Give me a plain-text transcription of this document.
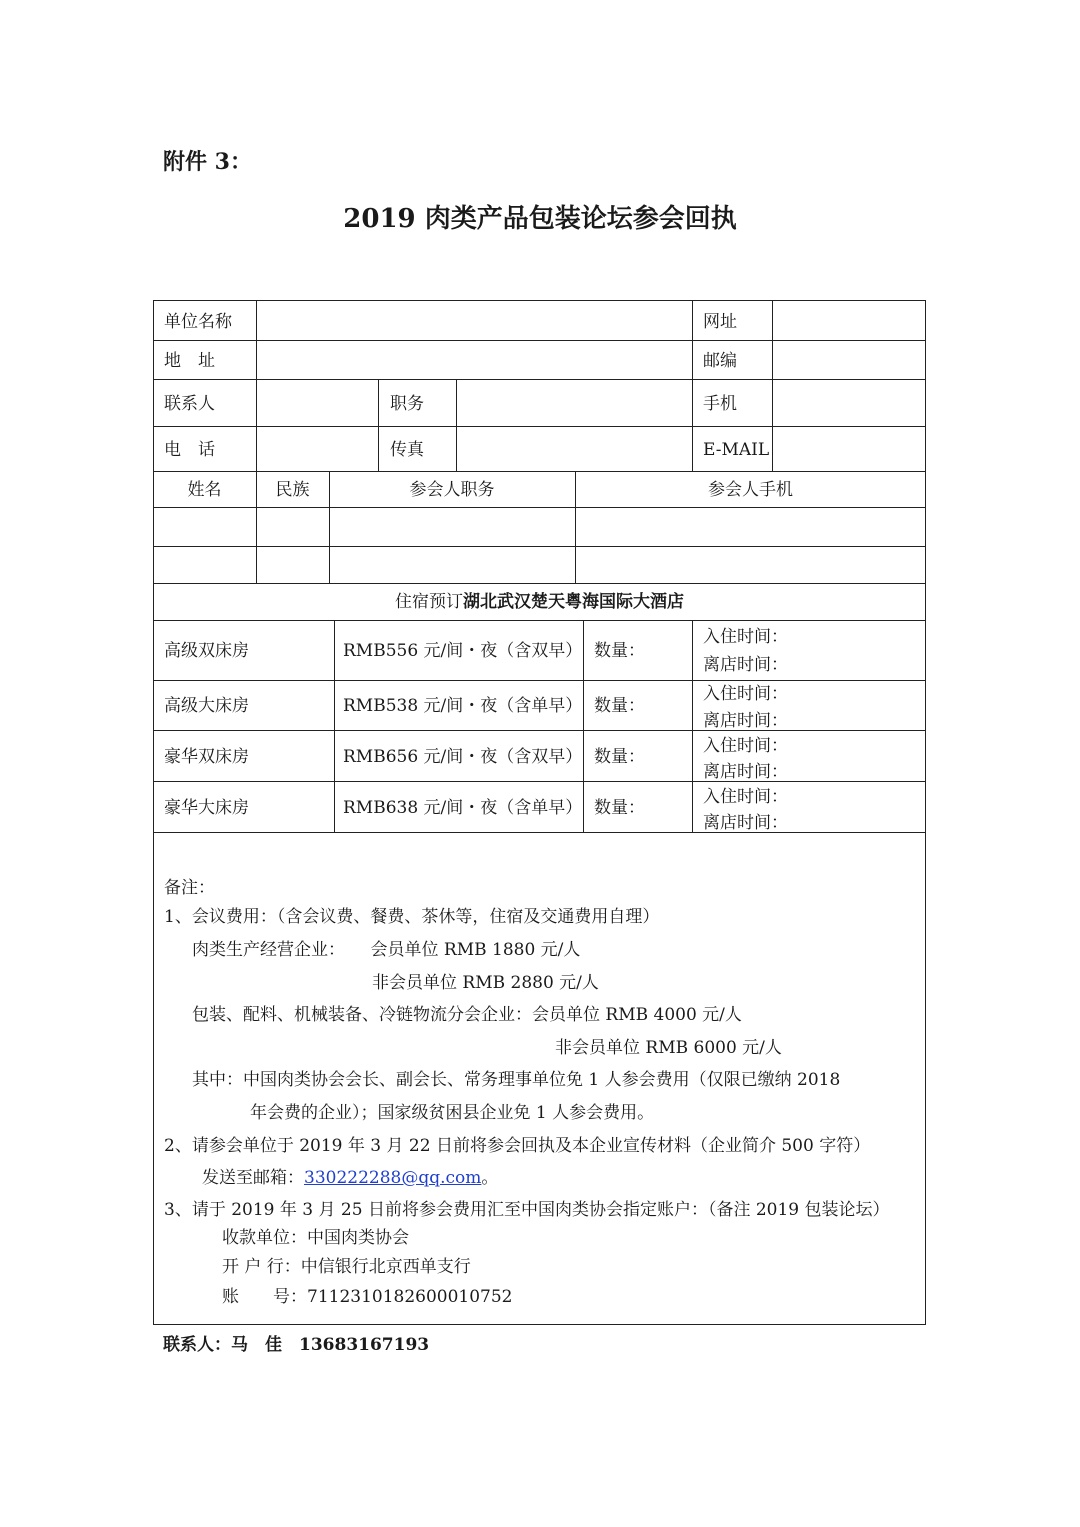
附件 3：
2019 肉类产品包装论坛参会回执
单位名称	网址
地　址	邮编
联系人	职务	手机
电　话	传真	E-MAIL
姓名	民族	参会人职务	参会人手机
住宿预订湖北武汉楚天粤海国际大酒店
高级双床房	RMB556 元/间・夜（含双早） 数量：
入住时间：
离店时间：
高级大床房	RMB538 元/间・夜（含单早） 数量：
入住时间：
离店时间：
豪华双床房	RMB656 元/间・夜（含双早） 数量：
入住时间：
离店时间：
豪华大床房	RMB638 元/间・夜（含单早） 数量：
入住时间：
离店时间：
备注：
1、会议费用：（含会议费、餐费、茶休等，住宿及交通费用自理）
肉类生产经营企业：　　会员单位 RMB 1880 元/人
非会员单位 RMB 2880 元/人
包装、配料、机械装备、冷链物流分会企业：会员单位 RMB 4000 元/人
非会员单位 RMB 6000 元/人
其中：中国肉类协会会长、副会长、常务理事单位免 1 人参会费用（仅限已缴纳 2018
年会费的企业）；国家级贫困县企业免 1 人参会费用。
2、请参会单位于 2019 年 3 月 22 日前将参会回执及本企业宣传材料（企业简介 500 字符）
发送至邮箱：330222288@qq.com。
3、请于 2019 年 3 月 25 日前将参会费用汇至中国肉类协会指定账户：（备注 2019 包装论坛）
收款单位：中国肉类协会
开 户 行：中信银行北京西单支行
账　　号：7112310182600010752
联系人：马　佳　13683167193
